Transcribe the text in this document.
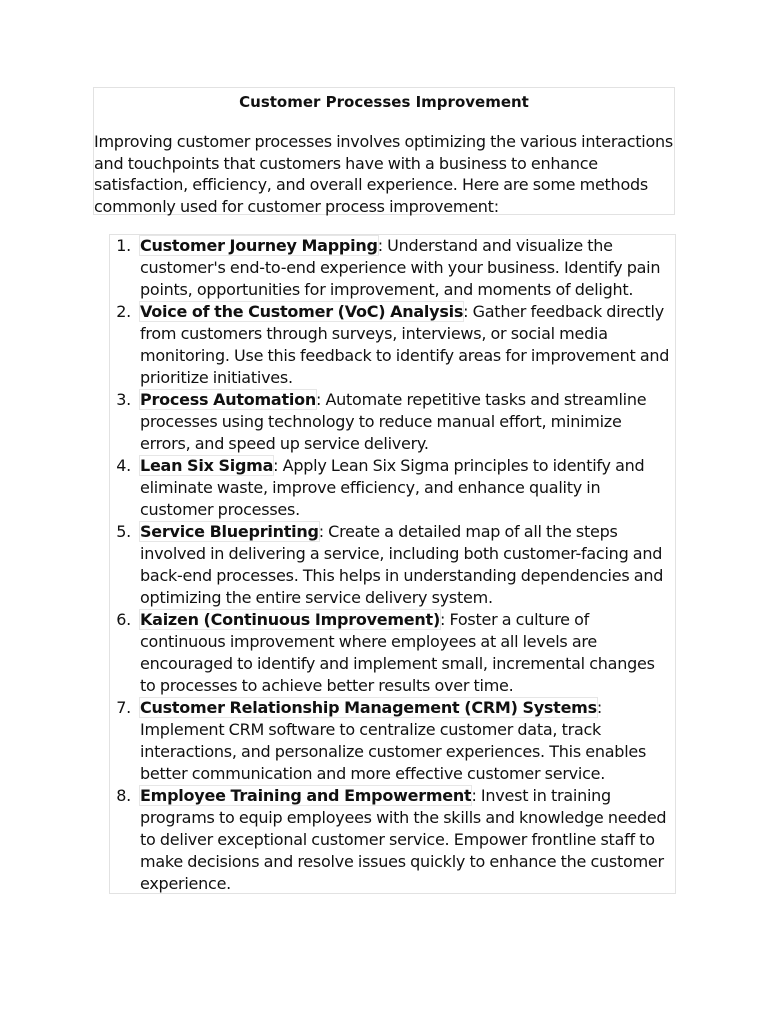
Customer Processes Improvement

Improving customer processes involves optimizing the various interactions and touchpoints that customers have with a business to enhance satisfaction, efficiency, and overall experience. Here are some methods commonly used for customer process improvement:

1. Customer Journey Mapping: Understand and visualize the customer's end-to-end experience with your business. Identify pain points, opportunities for improvement, and moments of delight.
2. Voice of the Customer (VoC) Analysis: Gather feedback directly from customers through surveys, interviews, or social media monitoring. Use this feedback to identify areas for improvement and prioritize initiatives.
3. Process Automation: Automate repetitive tasks and streamline processes using technology to reduce manual effort, minimize errors, and speed up service delivery.
4. Lean Six Sigma: Apply Lean Six Sigma principles to identify and eliminate waste, improve efficiency, and enhance quality in customer processes.
5. Service Blueprinting: Create a detailed map of all the steps involved in delivering a service, including both customer-facing and back-end processes. This helps in understanding dependencies and optimizing the entire service delivery system.
6. Kaizen (Continuous Improvement): Foster a culture of continuous improvement where employees at all levels are encouraged to identify and implement small, incremental changes to processes to achieve better results over time.
7. Customer Relationship Management (CRM) Systems: Implement CRM software to centralize customer data, track interactions, and personalize customer experiences. This enables better communication and more effective customer service.
8. Employee Training and Empowerment: Invest in training programs to equip employees with the skills and knowledge needed to deliver exceptional customer service. Empower frontline staff to make decisions and resolve issues quickly to enhance the customer experience.
